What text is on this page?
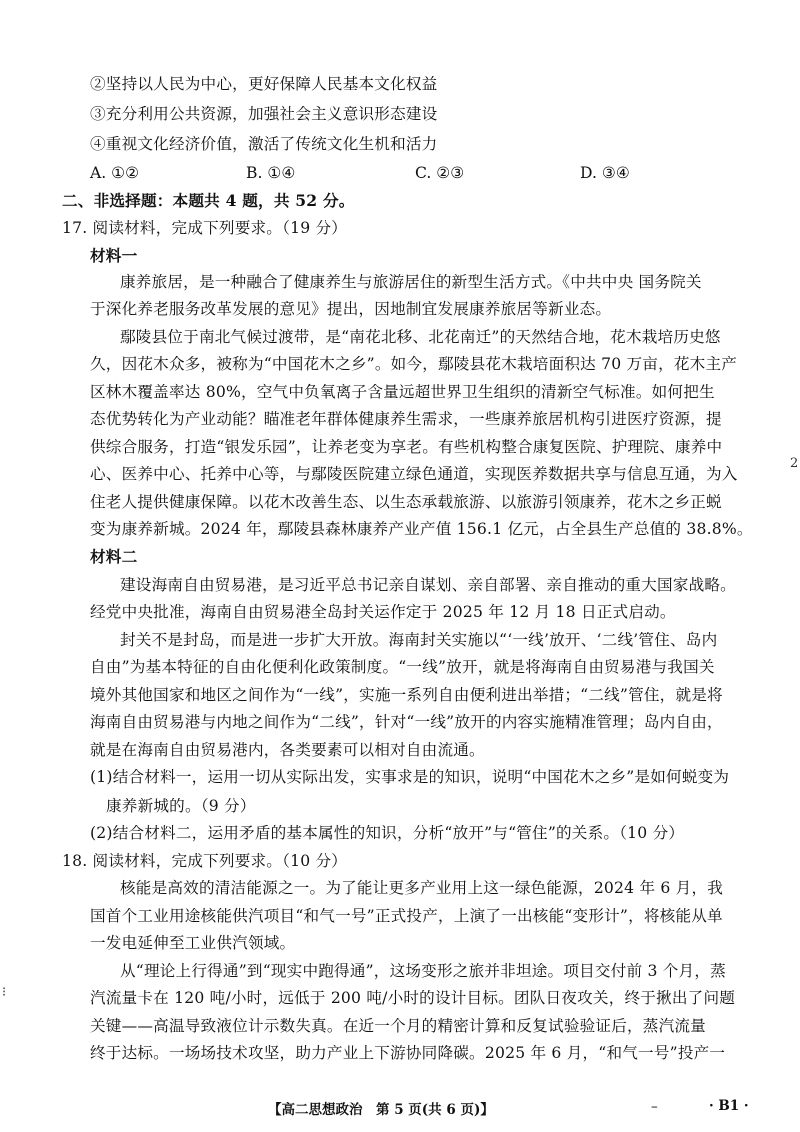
②坚持以人民为中心，更好保障人民基本文化权益
③充分利用公共资源，加强社会主义意识形态建设
④重视文化经济价值，激活了传统文化生机和活力
A. ①②	B. ①④	C. ②③	D. ③④
二、非选择题：本题共 4 题，共 52 分。
17. 阅读材料，完成下列要求。（19 分）
材料一
康养旅居，是一种融合了健康养生与旅游居住的新型生活方式。《中共中央 国务院关
于深化养老服务改革发展的意见》提出，因地制宜发展康养旅居等新业态。
鄢陵县位于南北气候过渡带，是“南花北移、北花南迁”的天然结合地，花木栽培历史悠
久，因花木众多，被称为“中国花木之乡”。如今，鄢陵县花木栽培面积达 70 万亩，花木主产
区林木覆盖率达 80%，空气中负氧离子含量远超世界卫生组织的清新空气标准。如何把生
态优势转化为产业动能？瞄准老年群体健康养生需求，一些康养旅居机构引进医疗资源，提
供综合服务，打造“银发乐园”，让养老变为享老。有些机构整合康复医院、护理院、康养中
心、医养中心、托养中心等，与鄢陵医院建立绿色通道，实现医养数据共享与信息互通，为入
住老人提供健康保障。以花木改善生态、以生态承载旅游、以旅游引领康养，花木之乡正蜕
变为康养新城。2024 年，鄢陵县森林康养产业产值 156.1 亿元，占全县生产总值的 38.8%。
材料二
建设海南自由贸易港，是习近平总书记亲自谋划、亲自部署、亲自推动的重大国家战略。
经党中央批准，海南自由贸易港全岛封关运作定于 2025 年 12 月 18 日正式启动。
封关不是封岛，而是进一步扩大开放。海南封关实施以“‘一线’放开、‘二线’管住、岛内
自由”为基本特征的自由化便利化政策制度。“一线”放开，就是将海南自由贸易港与我国关
境外其他国家和地区之间作为“一线”，实施一系列自由便利进出举措；“二线”管住，就是将
海南自由贸易港与内地之间作为“二线”，针对“一线”放开的内容实施精准管理；岛内自由，
就是在海南自由贸易港内，各类要素可以相对自由流通。
(1)结合材料一，运用一切从实际出发，实事求是的知识，说明“中国花木之乡”是如何蜕变为
康养新城的。（9 分）
(2)结合材料二，运用矛盾的基本属性的知识，分析“放开”与“管住”的关系。（10 分）
18. 阅读材料，完成下列要求。（10 分）
核能是高效的清洁能源之一。为了能让更多产业用上这一绿色能源，2024 年 6 月，我
国首个工业用途核能供汽项目“和气一号”正式投产，上演了一出核能“变形计”，将核能从单
一发电延伸至工业供汽领域。
从“理论上行得通”到“现实中跑得通”，这场变形之旅并非坦途。项目交付前 3 个月，蒸
汽流量卡在 120 吨/小时，远低于 200 吨/小时的设计目标。团队日夜攻关，终于揪出了问题
关键——高温导致液位计示数失真。在近一个月的精密计算和反复试验验证后，蒸汽流量
终于达标。一场场技术攻坚，助力产业上下游协同降碳。2025 年 6 月，“和气一号”投产一
【高二思想政治　第 5 页(共 6 页)】	–	· B1 ·
2
⁝
